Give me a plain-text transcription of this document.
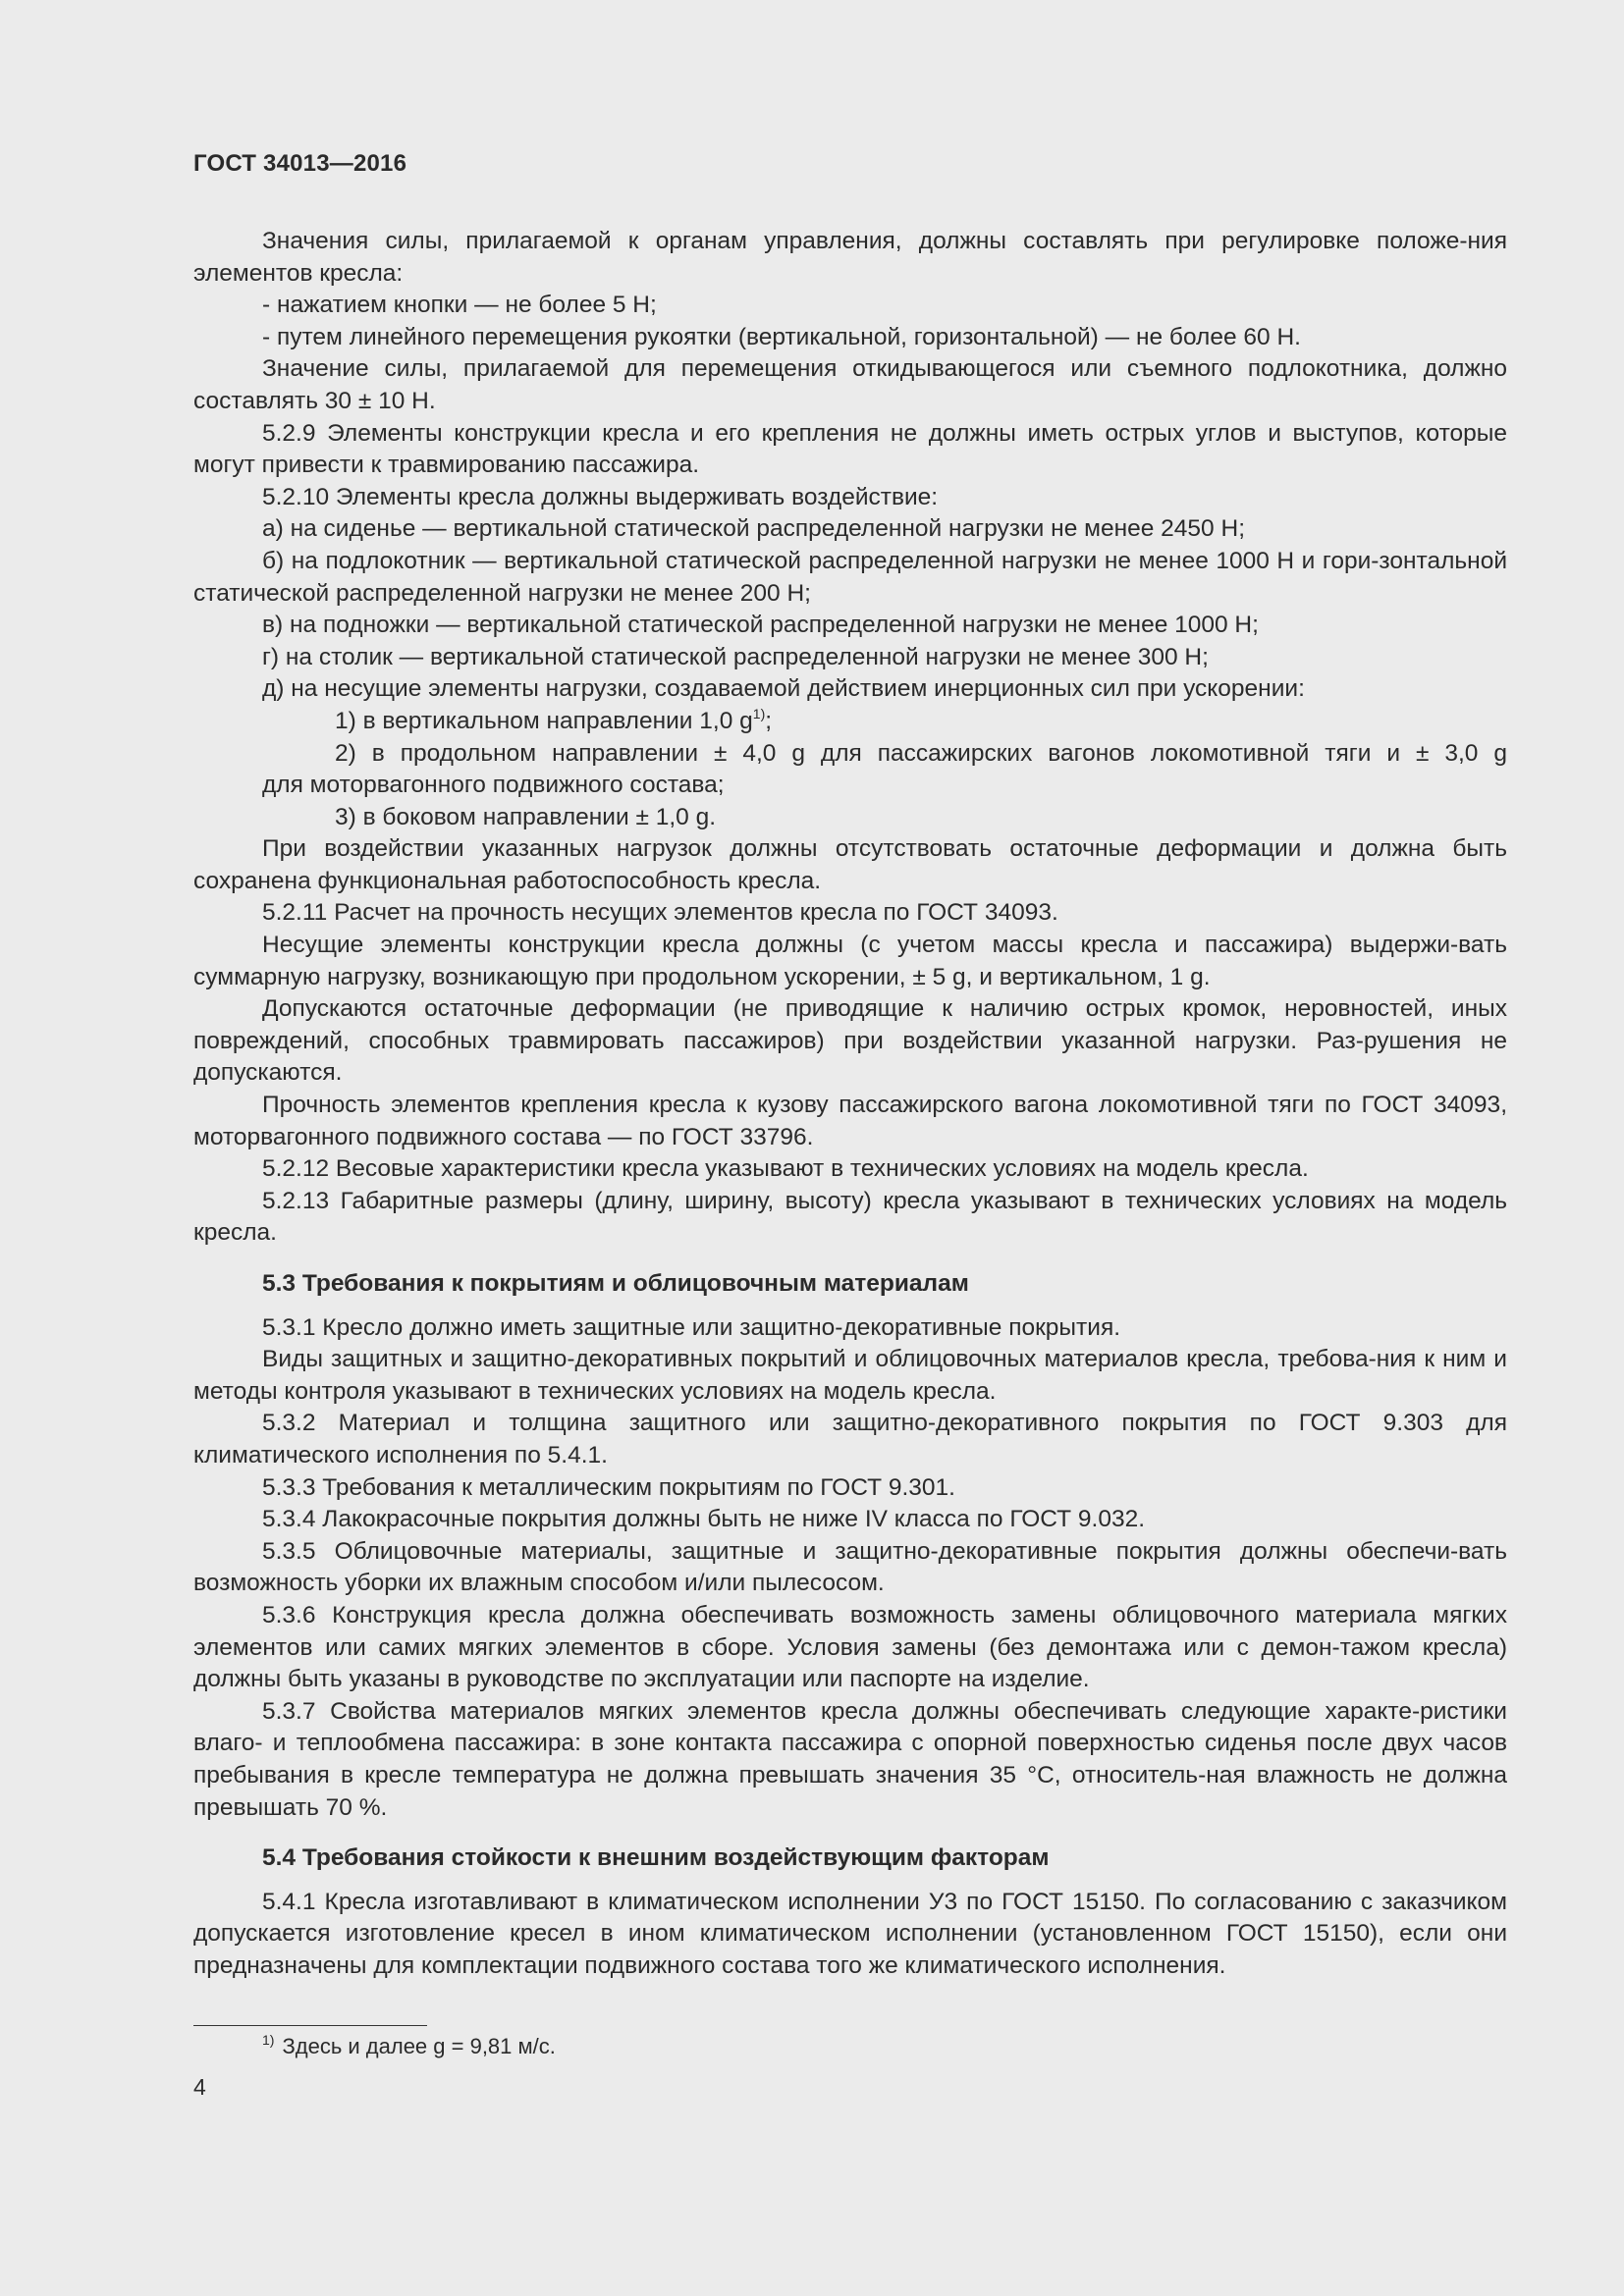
ГОСТ 34013—2016

Значения силы, прилагаемой к органам управления, должны составлять при регулировке положе-ния элементов кресла:

- нажатием кнопки — не более 5 Н;

- путем линейного перемещения рукоятки (вертикальной, горизонтальной) — не более 60 Н.

Значение силы, прилагаемой для перемещения откидывающегося или съемного подлокотника, должно составлять 30 ± 10 Н.

5.2.9 Элементы конструкции кресла и его крепления не должны иметь острых углов и выступов, которые могут привести к травмированию пассажира.

5.2.10 Элементы кресла должны выдерживать воздействие:

а) на сиденье — вертикальной статической распределенной нагрузки не менее 2450 Н;

б) на подлокотник — вертикальной статической распределенной нагрузки не менее 1000 Н и гори-зонтальной статической распределенной нагрузки не менее 200 Н;

в) на подножки — вертикальной статической распределенной нагрузки не менее 1000 Н;

г) на столик — вертикальной статической распределенной нагрузки не менее 300 Н;

д) на несущие элементы нагрузки, создаваемой действием инерционных сил при ускорении:

1) в вертикальном направлении 1,0 $g^{1)}$;

2) в продольном направлении ± 4,0 g для пассажирских вагонов локомотивной тяги и ± 3,0 g

для моторвагонного подвижного состава;

3) в боковом направлении ± 1,0 g.

При воздействии указанных нагрузок должны отсутствовать остаточные деформации и должна быть сохранена функциональная работоспособность кресла.

5.2.11 Расчет на прочность несущих элементов кресла по ГОСТ 34093.

Несущие элементы конструкции кресла должны (с учетом массы кресла и пассажира) выдержи-вать суммарную нагрузку, возникающую при продольном ускорении, ± 5 g, и вертикальном, 1 g.

Допускаются остаточные деформации (не приводящие к наличию острых кромок, неровностей, иных повреждений, способных травмировать пассажиров) при воздействии указанной нагрузки. Раз-рушения не допускаются.

Прочность элементов крепления кресла к кузову пассажирского вагона локомотивной тяги по ГОСТ 34093, моторвагонного подвижного состава — по ГОСТ 33796.

5.2.12 Весовые характеристики кресла указывают в технических условиях на модель кресла.

5.2.13 Габаритные размеры (длину, ширину, высоту) кресла указывают в технических условиях на модель кресла.

5.3 Требования к покрытиям и облицовочным материалам

5.3.1 Кресло должно иметь защитные или защитно-декоративные покрытия.

Виды защитных и защитно-декоративных покрытий и облицовочных материалов кресла, требова-ния к ним и методы контроля указывают в технических условиях на модель кресла.

5.3.2 Материал и толщина защитного или защитно-декоративного покрытия по ГОСТ 9.303 для климатического исполнения по 5.4.1.

5.3.3 Требования к металлическим покрытиям по ГОСТ 9.301.

5.3.4 Лакокрасочные покрытия должны быть не ниже IV класса по ГОСТ 9.032.

5.3.5 Облицовочные материалы, защитные и защитно-декоративные покрытия должны обеспечи-вать возможность уборки их влажным способом и/или пылесосом.

5.3.6 Конструкция кресла должна обеспечивать возможность замены облицовочного материала мягких элементов или самих мягких элементов в сборе. Условия замены (без демонтажа или с демон-тажом кресла) должны быть указаны в руководстве по эксплуатации или паспорте на изделие.

5.3.7 Свойства материалов мягких элементов кресла должны обеспечивать следующие характе-ристики влаго- и теплообмена пассажира: в зоне контакта пассажира с опорной поверхностью сиденья после двух часов пребывания в кресле температура не должна превышать значения 35 °С, относитель-ная влажность не должна превышать 70 %.

5.4 Требования стойкости к внешним воздействующим факторам

5.4.1 Кресла изготавливают в климатическом исполнении У3 по ГОСТ 15150. По согласованию с заказчиком допускается изготовление кресел в ином климатическом исполнении (установленном ГОСТ 15150), если они предназначены для комплектации подвижного состава того же климатического исполнения.

$^{1)}$ Здесь и далее g = 9,81 м/с.
4
